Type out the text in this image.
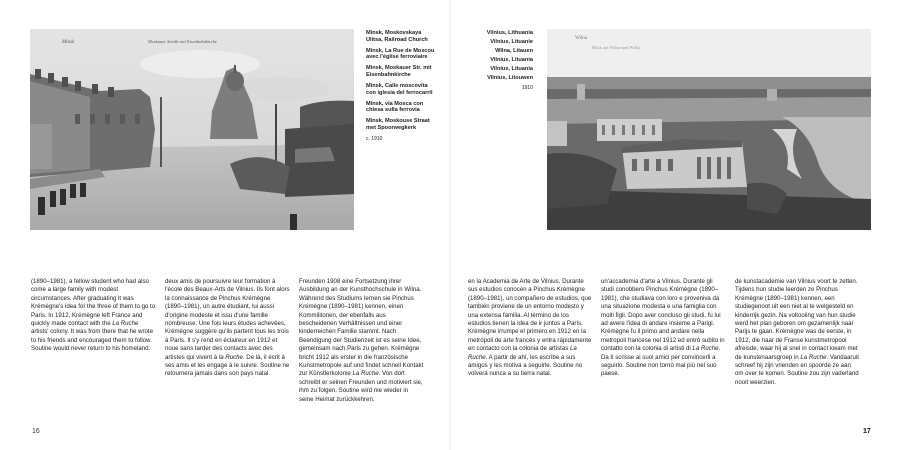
Minsk	Moskauer Straße mit Eisenbahnkirche
Minsk, Moskovskaya Ulitsa, Railroad Church
Minsk, La Rue de Moscou avec l'église ferroviaire
Minsk, Moskauer Str. mit Eisenbahnkirche
Minsk, Calle moscovita con iglesia del ferrocarril
Minsk, via Mosca con chiesa sulla ferrovia
Minsk, Moskouse Straat met Spoorwegkerk
c. 1910
Vilnius, Lithuania
Vilnius, Lituanie
Wilna, Litauen
Vilnius, Lituania
Vilnius, Lituania
Vilnius, Litouwen
1910
Wilna
Blick auf Wilna und Wilija

(1890–1981), a fellow student who had also come a large family with modest circumstances. After graduating it was Krémègne's idea for the three of them to go to Paris. In 1912, Krémègne left France and quickly made contact with the La Ruche artists' colony. It was from there that he wrote to his friends and encouraged them to follow. Soutine would never return to his homeland.

deux amis de poursuivre leur formation à l'école des Beaux-Arts de Vilnius. Ils font alors la connaissance de Pinchus Krémègne (1890–1981), un autre étudiant, lui aussi d'origine modeste et issu d'une famille nombreuse. Une fois leurs études achevées, Krémègne suggère qu'ils partent tous les trois à Paris. Il s'y rend en éclaireur en 1912 et noue sans tarder des contacts avec des artistes qui vivent à la Ruche. De là, il écrit à ses amis et les engage à le suivre. Soutine ne retournera jamais dans son pays natal.

Freunden 1908 eine Fortsetzung ihrer Ausbildung an der Kunsthochschule in Wilna. Während des Studiums lernen sie Pinchus Krémègne (1890–1981) kennen, einen Kommilitonen, der ebenfalls aus bescheidenen Verhältnissen und einer kinderreichen Familie stammt. Nach Beendigung der Studienzeit ist es seine Idee, gemeinsam nach Paris zu gehen. Krémègne bricht 1912 als erster in die französische Kunstmetropole auf und findet schnell Kontakt zur Künstlerkolonie La Ruche. Von dort schreibt er seinen Freunden und motiviert sie, ihm zu folgen. Soutine wird nie wieder in seine Heimat zurückkehren.

en la Academia de Arte de Vilnius. Durante sus estudios conocen a Pinchus Krémègne (1890–1981), un compañero de estudios, que también proviene de un entorno modesto y una extensa familia. Al término de los estudios tienen la idea de ir juntos a París. Krémègne irrumpe el primero en 1912 en la metrópoli de arte francés y entra rápidamente en contacto con la colonia de artistas La Ruche. A partir de ahí, les escribe a sus amigos y les motiva a seguirle. Soutine no volverá nunca a su tierra natal.

un'accademia d'arte a Vilnius. Durante gli studi conobbero Pinchus Krémègne (1890–1981), che studiava con loro e proveniva da una situazione modesta e una famiglia con molti figli. Dopo aver concluso gli studi, fu lui ad avere l'idea di andare insieme a Parigi. Krémègne fu il primo and andare nella metropoli francese nel 1912 ed entrò subito in contatto con la colonia di artisti di La Ruche. Da lì scrisse ai suoi amici per convincerli a seguirlo. Soutine non tornò mai più nel suo paese.

de kunstacademie van Vilnius voort te zetten. Tijdens hun studie leerden ze Pinchus Krémègne (1890–1981) kennen, een studiegenoot uit een niet al te welgesteld en kinderrijk gezin. Na voltooiing van hun studie werd het plan geboren om gezamenlijk naar Parijs te gaan. Krémègne was de eerste, in 1912, die naar de Franse kunstmetropool afreisde, waar hij al snel in contact kwam met de kunstenaarsgroep in La Ruche. Vandaaruit schreef hij zijn vrienden en spoorde ze aan om over te komen. Soutine zou zijn vaderland nooit weerzien.

16	17
